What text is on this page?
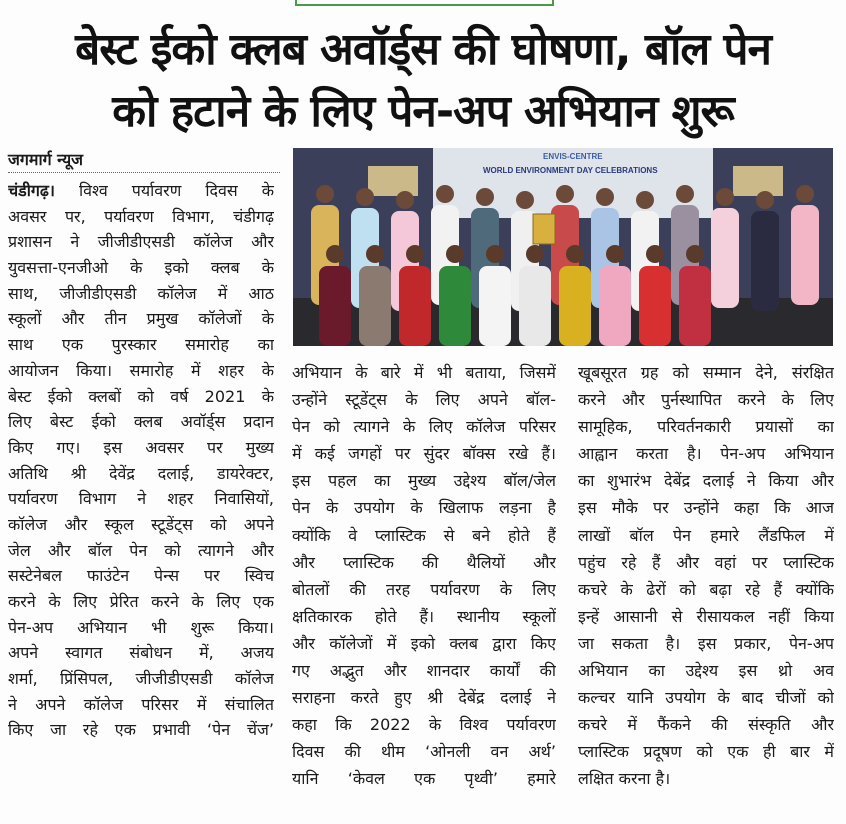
बेस्ट ईको क्लब अवॉर्ड्स की घोषणा, बॉल पेन
को हटाने के लिए पेन-अप अभियान शुरू
जगमार्ग न्यूज
चंडीगढ़। विश्व पर्यावरण दिवस के
अवसर पर, पर्यावरण विभाग, चंडीगढ़
प्रशासन ने जीजीडीएसडी कॉलेज और
युवसत्ता-एनजीओ के इको क्लब के
साथ, जीजीडीएसडी कॉलेज में आठ
स्कूलों और तीन प्रमुख कॉलेजों के
साथ एक पुरस्कार समारोह का
आयोजन किया। समारोह में शहर के
बेस्ट ईको क्लबों को वर्ष 2021 के
लिए बेस्ट ईको क्लब अवॉर्ड्स प्रदान
किए गए। इस अवसर पर मुख्य
अतिथि श्री देवेंद्र दलाई, डायरेक्टर,
पर्यावरण विभाग ने शहर निवासियों,
कॉलेज और स्कूल स्टूडेंट्स को अपने
जेल और बॉल पेन को त्यागने और
सस्टेनेबल फाउंटेन पेन्स पर स्विच
करने के लिए प्रेरित करने के लिए एक
पेन-अप अभियान भी शुरू किया।
अपने स्वागत संबोधन में, अजय
शर्मा, प्रिंसिपल, जीजीडीएसडी कॉलेज
ने अपने कॉलेज परिसर में संचालित
किए जा रहे एक प्रभावी ‘पेन चेंज’
अभियान के बारे में भी बताया, जिसमें
उन्होंने स्टूडेंट्स के लिए अपने बॉल-
पेन को त्यागने के लिए कॉलेज परिसर
में कई जगहों पर सुंदर बॉक्स रखे हैं।
इस पहल का मुख्य उद्देश्य बॉल/जेल
पेन के उपयोग के खिलाफ लड़ना है
क्योंकि वे प्लास्टिक से बने होते हैं
और प्लास्टिक की थैलियों और
बोतलों की तरह पर्यावरण के लिए
क्षतिकारक होते हैं। स्थानीय स्कूलों
और कॉलेजों में इको क्लब द्वारा किए
गए अद्भुत और शानदार कार्यों की
सराहना करते हुए श्री देबेंद्र दलाई ने
कहा कि 2022 के विश्व पर्यावरण
दिवस की थीम ‘ओनली वन अर्थ’
यानि ‘केवल एक पृथ्वी’ हमारे
खूबसूरत ग्रह को सम्मान देने, संरक्षित
करने और पुर्नस्थापित करने के लिए
सामूहिक, परिवर्तनकारी प्रयासों का
आह्वान करता है। पेन-अप अभियान
का शुभारंभ देबेंद्र दलाई ने किया और
इस मौके पर उन्होंने कहा कि आज
लाखों बॉल पेन हमारे लैंडफिल में
पहुंच रहे हैं और वहां पर प्लास्टिक
कचरे के ढेरों को बढ़ा रहे हैं क्योंकि
इन्हें आसानी से रीसायकल नहीं किया
जा सकता है। इस प्रकार, पेन-अप
अभियान का उद्देश्य इस थ्रो अव
कल्चर यानि उपयोग के बाद चीजों को
कचरे में फैंकने की संस्कृति और
प्लास्टिक प्रदूषण को एक ही बार में
लक्षित करना है।
ENVIS-CENTRE
WORLD ENVIRONMENT DAY CELEBRATIONS
